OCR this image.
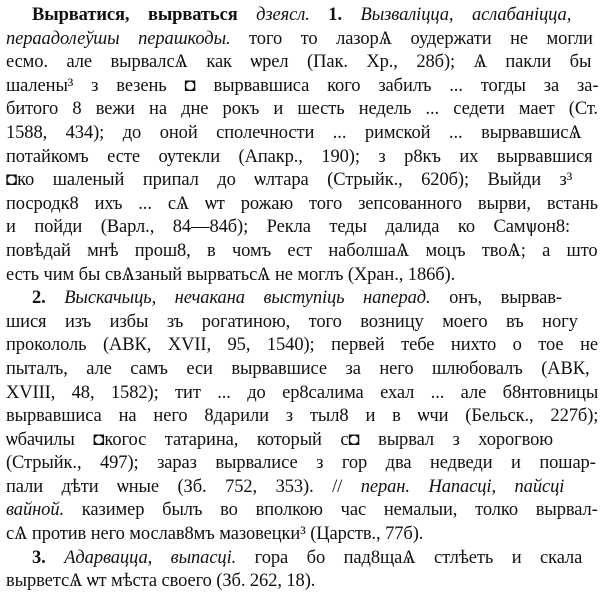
Вырватися, вырваться дзеясл. 1. Вызваліцца, аслабаніцца,
пераадолеўшы перашкоды. того то лазорѦ оудержати не могли
есмо. але вырвалсѦ как ѡрел (Пак. Хр., 28б); Ѧ пакли бы
шалены³ з везень ◘ вырвавшиса кого забилъ ... тогды за за-
битого 8 вежи на дне рокъ и шесть недель ... седети мает (Ст.
1588, 434); до оной сполечности ... римской ... вырвавшисѦ
потайкомъ есте оутекли (Апакр., 190); з р8къ их вырвавшися
◘ко шаленый припал до ѡлтара (Стрыйк., 620б); Выйди з³
посродк8 ихъ ... сѦ ѡт рожаю того зепсованного вырви, встань
и пойди (Варл., 84—84б); Рекла теды далида ко Самѱон8:
повѣдай мнѣ прош8, в чомъ ест наболшаѦ моцъ твоѦ; а што
есть чим бы свѦзаный вырватьсѦ не моглъ (Хран., 186б).
2. Выскачыць, нечакана выступіць наперад. онъ, вырвав-
шися изъ избы зъ рогатиною, того возницу моего въ ногу
прокололь (АВК, XVII, 95, 1540); первей тебе нихто о тое не
пыталъ, але самъ еси вырвавшисе за него шлюбовалъ (АВК,
XVIII, 48, 1582); тит ... до ер8салима ехал ... але б8нтовницы
вырвавшиса на него 8дарили з тыл8 и в ѡчи (Бельск., 227б);
ѡбачилы ◘когос татарина, который с◘ вырвал з хорогвою
(Стрыйк., 497); зараз вырвалисе з гор два недведи и пошар-
пали дѣти ѡные (Зб. 752, 353). // перан. Напасці, пайсці
вайной. казимер былъ во вполкою час немалыи, толко вырвал-
сѦ против него мослав8мъ мазовецки³ (Царств., 77б).
3. Адарвацца, выпасці. гора бо пад8щаѦ стлѣеть и скала
вырветсѦ ѡт мѣста своего (Зб. 262, 18).
